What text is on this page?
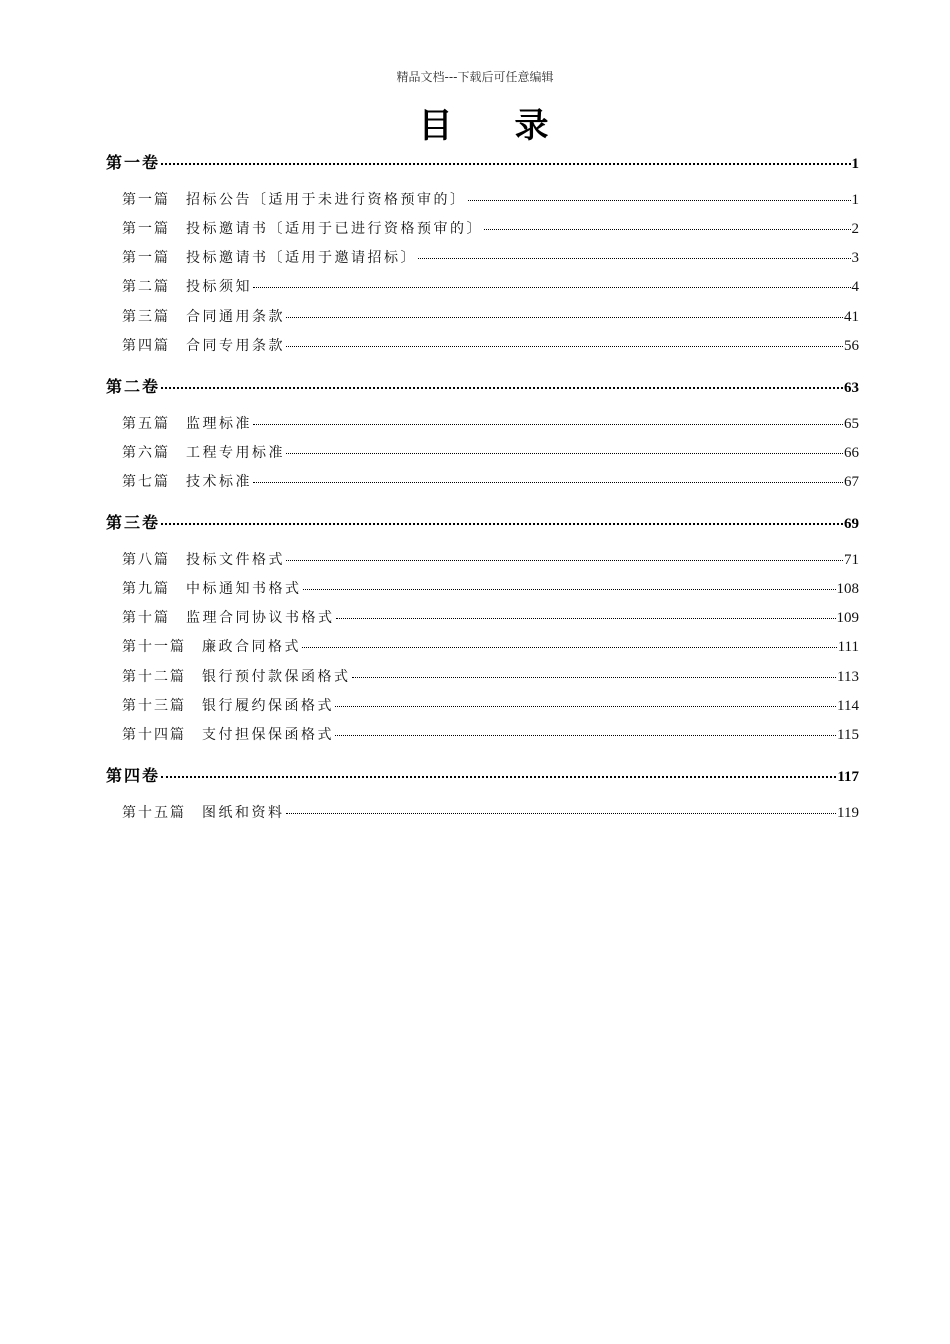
精品文档---下载后可任意编辑
目 录
第一卷	1
第一篇 招标公告〔适用于未进行资格预审的〕	1
第一篇 投标邀请书〔适用于已进行资格预审的〕	2
第一篇 投标邀请书〔适用于邀请招标〕	3
第二篇 投标须知	4
第三篇 合同通用条款	41
第四篇 合同专用条款	56
第二卷	63
第五篇 监理标准	65
第六篇 工程专用标准	66
第七篇 技术标准	67
第三卷	69
第八篇 投标文件格式	71
第九篇 中标通知书格式	108
第十篇 监理合同协议书格式	109
第十一篇 廉政合同格式	111
第十二篇 银行预付款保函格式	113
第十三篇 银行履约保函格式	114
第十四篇 支付担保保函格式	115
第四卷	117
第十五篇 图纸和资料	119
